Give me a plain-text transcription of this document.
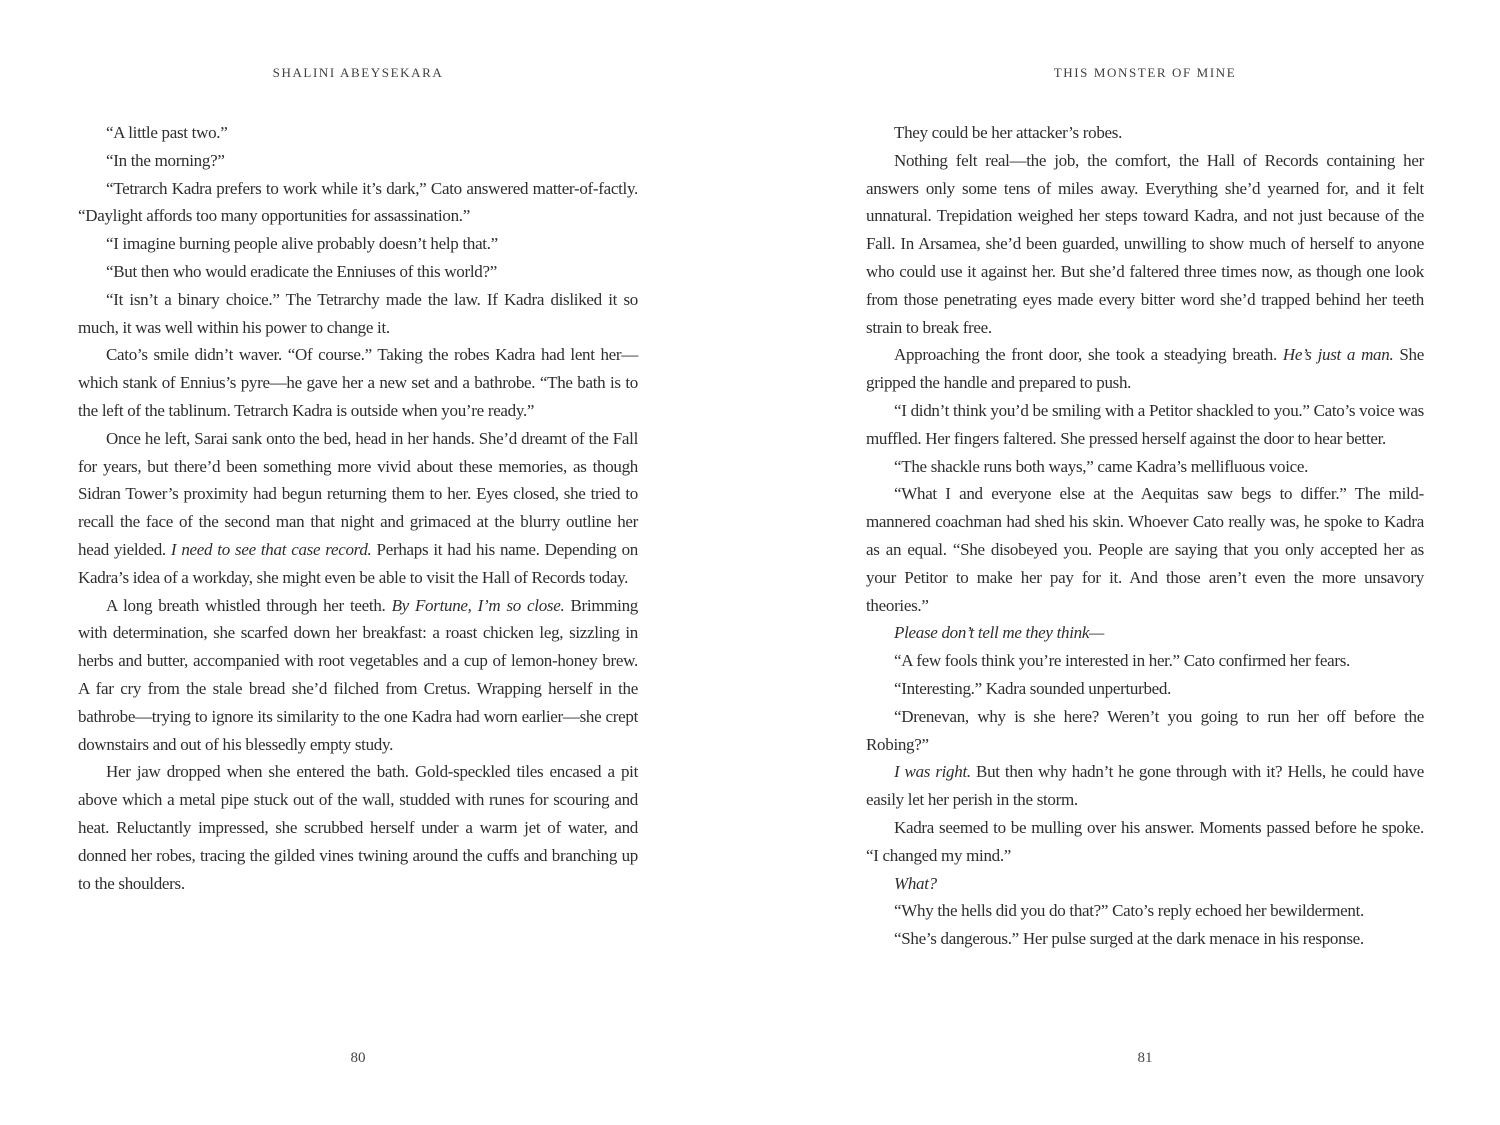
SHALINI ABEYSEKARA

“A little past two.”

“In the morning?”

“Tetrarch Kadra prefers to work while it’s dark,” Cato answered matter-of-factly. “Daylight affords too many opportunities for assassination.”

“I imagine burning people alive probably doesn’t help that.”

“But then who would eradicate the Enniuses of this world?”

“It isn’t a binary choice.” The Tetrarchy made the law. If Kadra disliked it so much, it was well within his power to change it.

Cato’s smile didn’t waver. “Of course.” Taking the robes Kadra had lent her—which stank of Ennius’s pyre—he gave her a new set and a bathrobe. “The bath is to the left of the tablinum. Tetrarch Kadra is outside when you’re ready.”

Once he left, Sarai sank onto the bed, head in her hands. She’d dreamt of the Fall for years, but there’d been something more vivid about these memories, as though Sidran Tower’s proximity had begun returning them to her. Eyes closed, she tried to recall the face of the second man that night and grimaced at the blurry outline her head yielded. I need to see that case record. Perhaps it had his name. Depending on Kadra’s idea of a workday, she might even be able to visit the Hall of Records today.

A long breath whistled through her teeth. By Fortune, I’m so close. Brimming with determination, she scarfed down her breakfast: a roast chicken leg, sizzling in herbs and butter, accompanied with root vegetables and a cup of lemon-honey brew. A far cry from the stale bread she’d filched from Cretus. Wrapping herself in the bathrobe—trying to ignore its similarity to the one Kadra had worn earlier—she crept downstairs and out of his blessedly empty study.

Her jaw dropped when she entered the bath. Gold-speckled tiles encased a pit above which a metal pipe stuck out of the wall, studded with runes for scouring and heat. Reluctantly impressed, she scrubbed herself under a warm jet of water, and donned her robes, tracing the gilded vines twining around the cuffs and branching up to the shoulders.

80
THIS MONSTER OF MINE

They could be her attacker’s robes.

Nothing felt real—the job, the comfort, the Hall of Records containing her answers only some tens of miles away. Everything she’d yearned for, and it felt unnatural. Trepidation weighed her steps toward Kadra, and not just because of the Fall. In Arsamea, she’d been guarded, unwilling to show much of herself to anyone who could use it against her. But she’d faltered three times now, as though one look from those penetrating eyes made every bitter word she’d trapped behind her teeth strain to break free.

Approaching the front door, she took a steadying breath. He’s just a man. She gripped the handle and prepared to push.

“I didn’t think you’d be smiling with a Petitor shackled to you.” Cato’s voice was muffled. Her fingers faltered. She pressed herself against the door to hear better.

“The shackle runs both ways,” came Kadra’s mellifluous voice.

“What I and everyone else at the Aequitas saw begs to differ.” The mild-mannered coachman had shed his skin. Whoever Cato really was, he spoke to Kadra as an equal. “She disobeyed you. People are saying that you only accepted her as your Petitor to make her pay for it. And those aren’t even the more unsavory theories.”

Please don’t tell me they think—

“A few fools think you’re interested in her.” Cato confirmed her fears.

“Interesting.” Kadra sounded unperturbed.

“Drenevan, why is she here? Weren’t you going to run her off before the Robing?”

I was right. But then why hadn’t he gone through with it? Hells, he could have easily let her perish in the storm.

Kadra seemed to be mulling over his answer. Moments passed before he spoke. “I changed my mind.”

What?

“Why the hells did you do that?” Cato’s reply echoed her bewilderment.

“She’s dangerous.” Her pulse surged at the dark menace in his response.

81
